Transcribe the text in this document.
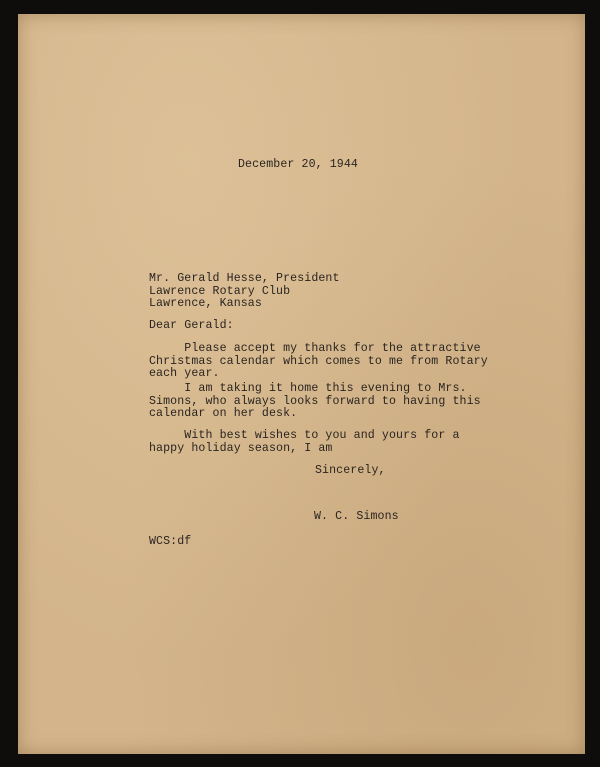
December 20, 1944
Mr. Gerald Hesse, President
Lawrence Rotary Club
Lawrence, Kansas
Dear Gerald:
Please accept my thanks for the attractive
Christmas calendar which comes to me from Rotary
each year.
I am taking it home this evening to Mrs.
Simons, who always looks forward to having this
calendar on her desk.
With best wishes to you and yours for a
happy holiday season, I am
Sincerely,
W. C. Simons
WCS:df
